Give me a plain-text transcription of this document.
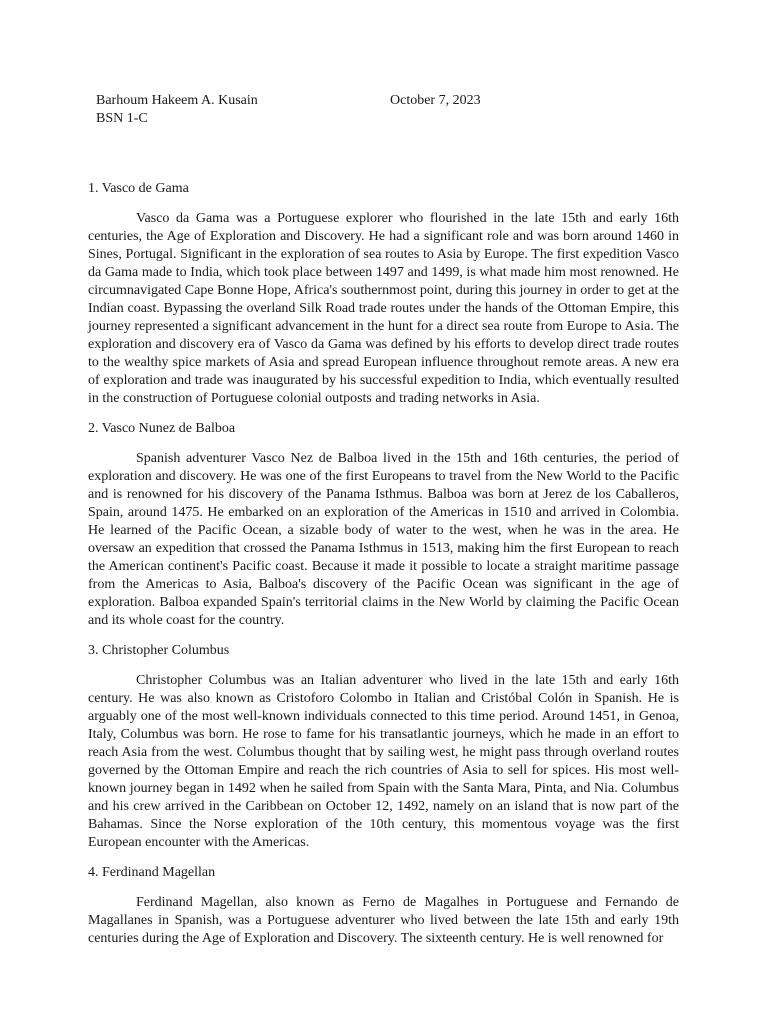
Barhoum Hakeem A. Kusain	October 7, 2023
BSN 1-C

1. Vasco de Gama

Vasco da Gama was a Portuguese explorer who flourished in the late 15th and early 16th centuries, the Age of Exploration and Discovery. He had a significant role and was born around 1460 in Sines, Portugal. Significant in the exploration of sea routes to Asia by Europe. The first expedition Vasco da Gama made to India, which took place between 1497 and 1499, is what made him most renowned. He circumnavigated Cape Bonne Hope, Africa's southernmost point, during this journey in order to get at the Indian coast. Bypassing the overland Silk Road trade routes under the hands of the Ottoman Empire, this journey represented a significant advancement in the hunt for a direct sea route from Europe to Asia. The exploration and discovery era of Vasco da Gama was defined by his efforts to develop direct trade routes to the wealthy spice markets of Asia and spread European influence throughout remote areas. A new era of exploration and trade was inaugurated by his successful expedition to India, which eventually resulted in the construction of Portuguese colonial outposts and trading networks in Asia.

2. Vasco Nunez de Balboa

Spanish adventurer Vasco Nez de Balboa lived in the 15th and 16th centuries, the period of exploration and discovery. He was one of the first Europeans to travel from the New World to the Pacific and is renowned for his discovery of the Panama Isthmus. Balboa was born at Jerez de los Caballeros, Spain, around 1475. He embarked on an exploration of the Americas in 1510 and arrived in Colombia. He learned of the Pacific Ocean, a sizable body of water to the west, when he was in the area. He oversaw an expedition that crossed the Panama Isthmus in 1513, making him the first European to reach the American continent's Pacific coast. Because it made it possible to locate a straight maritime passage from the Americas to Asia, Balboa's discovery of the Pacific Ocean was significant in the age of exploration. Balboa expanded Spain's territorial claims in the New World by claiming the Pacific Ocean and its whole coast for the country.

3. Christopher Columbus

Christopher Columbus was an Italian adventurer who lived in the late 15th and early 16th century. He was also known as Cristoforo Colombo in Italian and Cristóbal Colón in Spanish. He is arguably one of the most well-known individuals connected to this time period. Around 1451, in Genoa, Italy, Columbus was born. He rose to fame for his transatlantic journeys, which he made in an effort to reach Asia from the west. Columbus thought that by sailing west, he might pass through overland routes governed by the Ottoman Empire and reach the rich countries of Asia to sell for spices. His most well-known journey began in 1492 when he sailed from Spain with the Santa Mara, Pinta, and Nia. Columbus and his crew arrived in the Caribbean on October 12, 1492, namely on an island that is now part of the Bahamas. Since the Norse exploration of the 10th century, this momentous voyage was the first European encounter with the Americas.

4. Ferdinand Magellan

Ferdinand Magellan, also known as Ferno de Magalhes in Portuguese and Fernando de Magallanes in Spanish, was a Portuguese adventurer who lived between the late 15th and early 19th centuries during the Age of Exploration and Discovery. The sixteenth century. He is well renowned for
